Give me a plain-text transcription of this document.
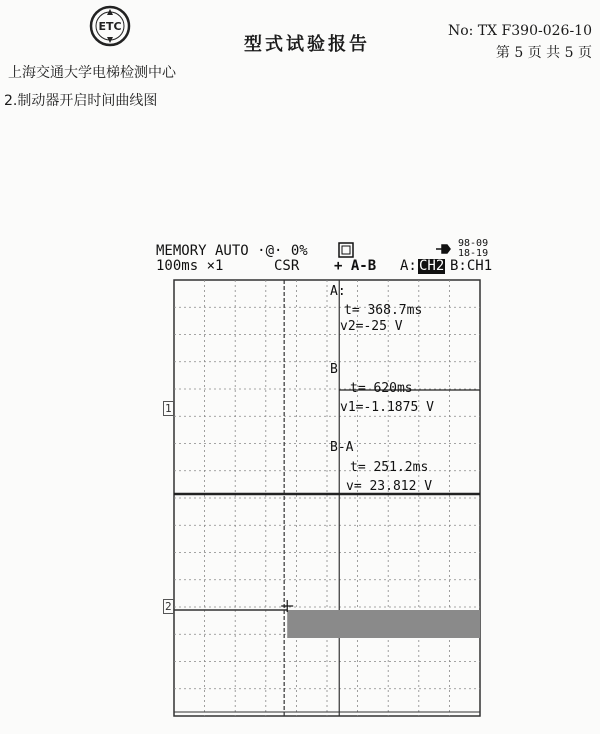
ETC
型式试验报告
No: TX F390-026-10
第 5 页 共 5 页
上海交通大学电梯检测中心
2.制动器开启时间曲线图
MEMORY AUTO ·@· 0%
100ms ×1	CSR + A-B A: CH2 B:CH1
98-09
18-19
1
2
A:
t= 368.7ms
v2=-25 V
B
t= 620ms
v1=-1.1875 V
B-A
t= 251.2ms
v= 23.812 V
